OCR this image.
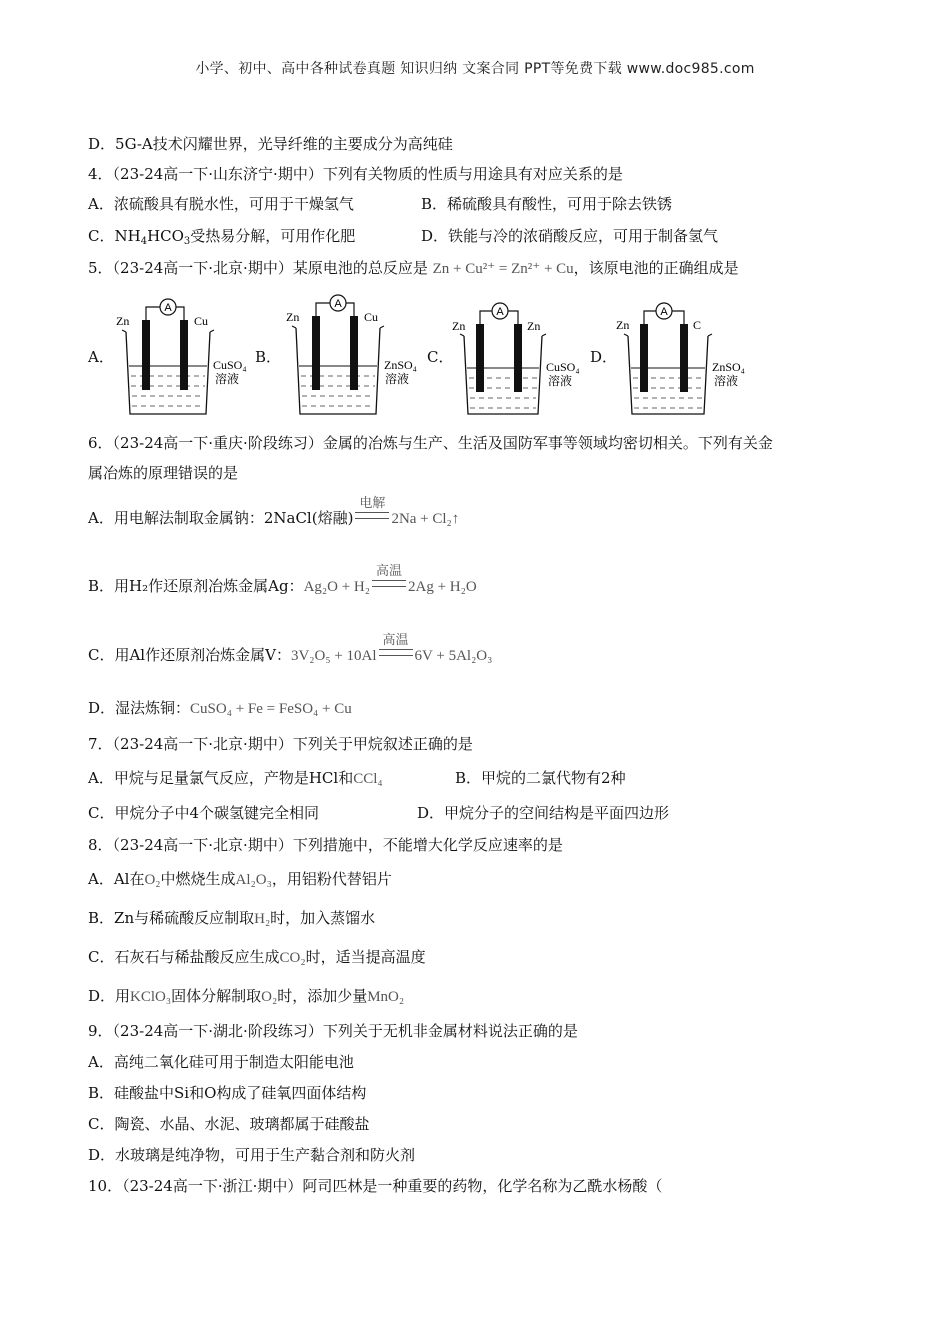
小学、初中、高中各种试卷真题 知识归纳 文案合同 PPT等免费下载 www.doc985.com
D．5G-A技术闪耀世界，光导纤维的主要成分为高纯硅
4．（23-24高一下·山东济宁·期中）下列有关物质的性质与用途具有对应关系的是
A．浓硫酸具有脱水性，可用于干燥氢气	B．稀硫酸具有酸性，可用于除去铁锈
C．$NH_4HCO_3$受热易分解，可用作化肥	D．铁能与冷的浓硝酸反应，可用于制备氢气
5．（23-24高一下·北京·期中）某原电池的总反应是 Zn + Cu²⁺ = Zn²⁺ + Cu，该原电池的正确组成是
A．	B．	C．	D．
A
Zn	Cu
CuSO₄
溶液
A
Zn	Cu
ZnSO₄
溶液
A
Zn	Zn
CuSO₄
溶液
A
Zn	C
ZnSO₄
溶液
6．（23-24高一下·重庆·阶段练习）金属的冶炼与生产、生活及国防军事等领域均密切相关。下列有关金
属冶炼的原理错误的是
A．用电解法制取金属钠：2NaCl(熔融)
电解
2Na + Cl₂↑
B．用H₂作还原剂冶炼金属Ag：Ag₂O + H₂
高温
2Ag + H₂O
C．用Al作还原剂冶炼金属V：3V₂O₅ + 10Al
高温
6V + 5Al₂O₃
D．湿法炼铜：CuSO₄ + Fe = FeSO₄ + Cu
7．（23-24高一下·北京·期中）下列关于甲烷叙述正确的是
A．甲烷与足量氯气反应，产物是HCl和CCl₄	B．甲烷的二氯代物有2种
C．甲烷分子中4个碳氢键完全相同	D．甲烷分子的空间结构是平面四边形
8．（23-24高一下·北京·期中）下列措施中，不能增大化学反应速率的是
A．Al在O₂中燃烧生成Al₂O₃，用铝粉代替铝片
B．Zn与稀硫酸反应制取H₂时，加入蒸馏水
C．石灰石与稀盐酸反应生成CO₂时，适当提高温度
D．用KClO₃固体分解制取O₂时，添加少量MnO₂
9．（23-24高一下·湖北·阶段练习）下列关于无机非金属材料说法正确的是
A．高纯二氧化硅可用于制造太阳能电池
B．硅酸盐中Si和O构成了硅氧四面体结构
C．陶瓷、水晶、水泥、玻璃都属于硅酸盐
D．水玻璃是纯净物，可用于生产黏合剂和防火剂
10．（23-24高一下·浙江·期中）阿司匹林是一种重要的药物，化学名称为乙酰水杨酸（
